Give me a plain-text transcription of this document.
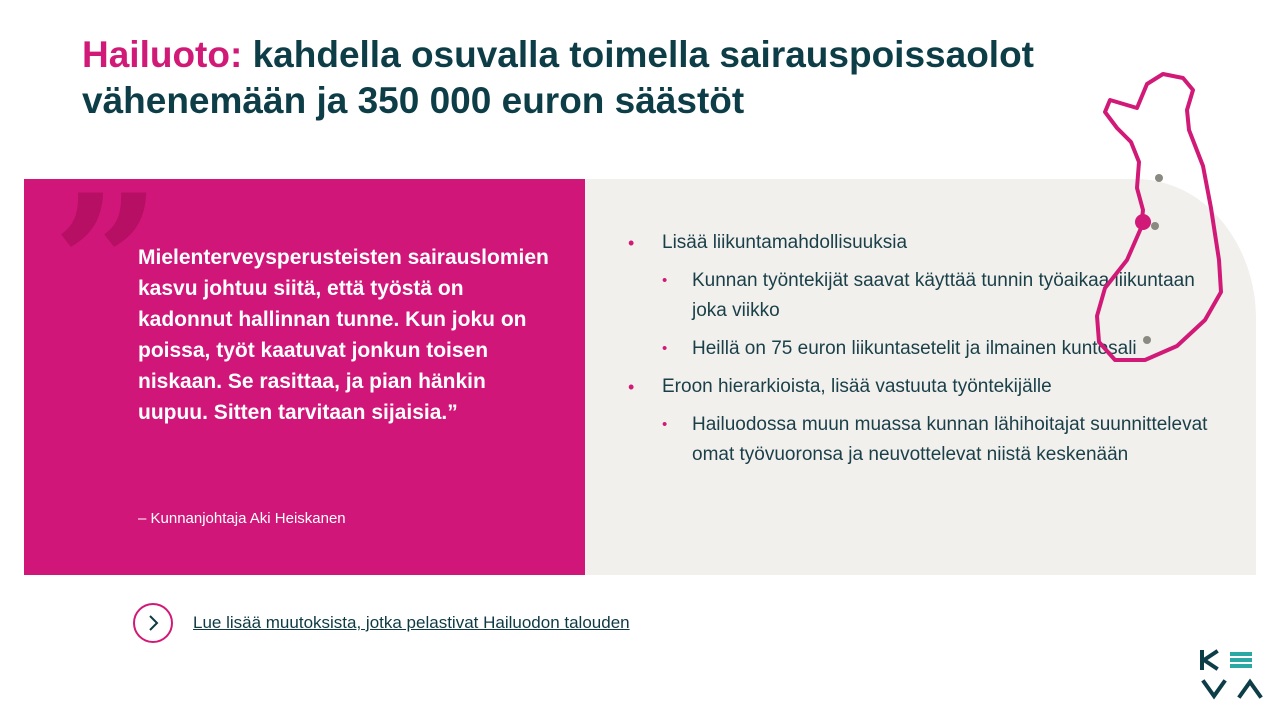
Hailuoto: kahdella osuvalla toimella sairauspoissaolot vähenemään ja 350 000 euron säästöt
”

Mielenterveysperusteisten sairauslomien kasvu johtuu siitä, että työstä on kadonnut hallinnan tunne. Kun joku on poissa, työt kaatuvat jonkun toisen niskaan. Se rasittaa, ja pian hänkin uupuu. Sitten tarvitaan sijaisia.”

– Kunnanjohtaja Aki Heiskanen
• Lisää liikuntamahdollisuuksia
• Kunnan työntekijät saavat käyttää tunnin työaikaa liikuntaan joka viikko
• Heillä on 75 euron liikuntasetelit ja ilmainen kuntosali
• Eroon hierarkioista, lisää vastuuta työntekijälle
• Hailuodossa muun muassa kunnan lähihoitajat suunnittelevat omat työvuoronsa ja neuvottelevat niistä keskenään
Lue lisää muutoksista, jotka pelastivat Hailuodon talouden
